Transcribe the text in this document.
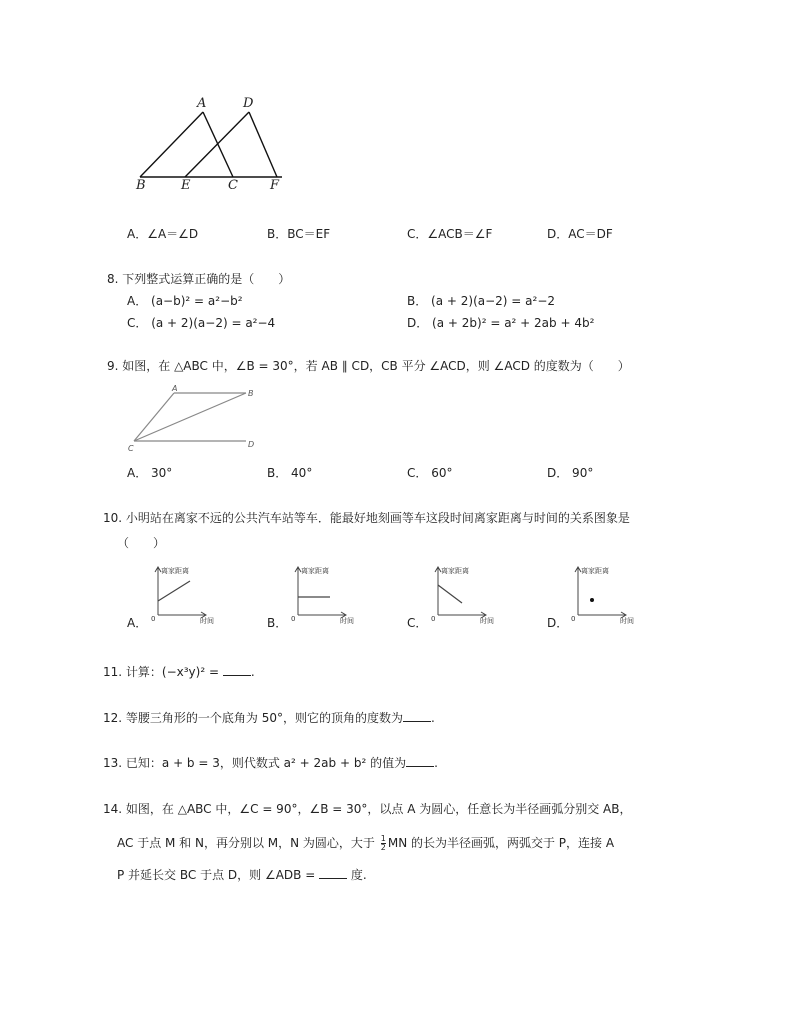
A	D
B	E	C F
A．∠A＝∠D	B．BC＝EF	C．∠ACB＝∠F	D．AC＝DF
8. 下列整式运算正确的是（　　）
A． (a−b)² = a²−b²	B． (a + 2)(a−2) = a²−2
C． (a + 2)(a−2) = a²−4	D． (a + 2b)² = a² + 2ab + 4b²
9. 如图，在 △ABC 中，∠B = 30°，若 AB ∥ CD，CB 平分 ∠ACD，则 ∠ACD 的度数为（　　）
A
B
C	D
A． 30°	B． 40°	C． 60°	D． 90°
10. 小明站在离家不远的公共汽车站等车．能最好地刻画等车这段时间离家距离与时间的关系图象是
（　　）
离家距离
时间
0
离家距离
时间
0
离家距离
时间
0
离家距离
时间
0
A．	B．	C．	D．
11. 计算：(−x³y)² = .
12. 等腰三角形的一个底角为 50°，则它的顶角的度数为 .
13. 已知：a + b = 3，则代数式 a² + 2ab + b² 的值为 .
14. 如图，在 △ABC 中，∠C = 90°，∠B = 30°，以点 A 为圆心，任意长为半径画弧分别交 AB，
AC 于点 M 和 N，再分别以 M，N 为圆心，大于 $\frac{1}{2}$ MN 的长为半径画弧，两弧交于 P，连接 A
P 并延长交 BC 于点 D，则 ∠ADB =  度.
